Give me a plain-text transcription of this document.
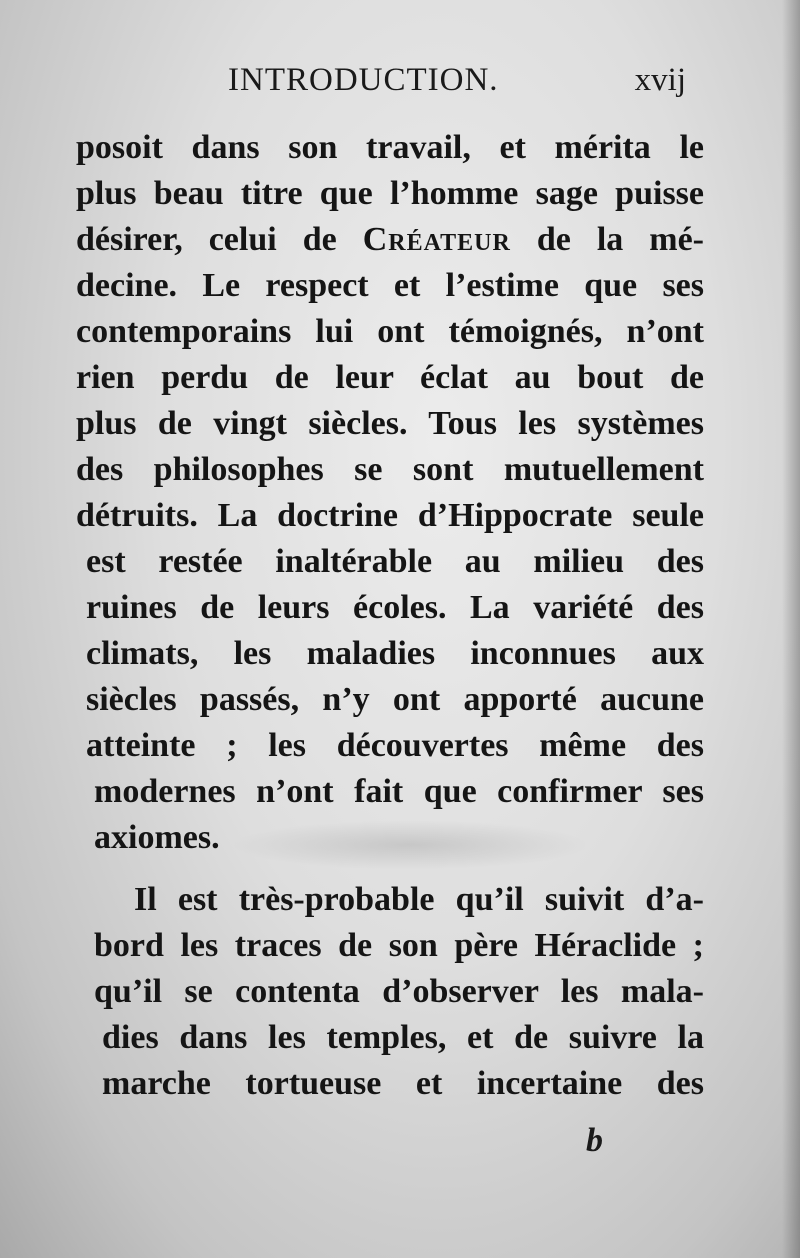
INTRODUCTION.	xvij
posoit dans son travail, et mérita le
plus beau titre que l’homme sage puisse
désirer, celui de Créateur de la mé-
decine. Le respect et l’estime que ses
contemporains lui ont témoignés, n’ont
rien perdu de leur éclat au bout de
plus de vingt siècles. Tous les systèmes
des philosophes se sont mutuellement
détruits. La doctrine d’Hippocrate seule
est restée inaltérable au milieu des
ruines de leurs écoles. La variété des
climats, les maladies inconnues aux
siècles passés, n’y ont apporté aucune
atteinte ; les découvertes même des
modernes n’ont fait que confirmer ses
axiomes.
Il est très-probable qu’il suivit d’a-
bord les traces de son père Héraclide ;
qu’il se contenta d’observer les mala-
dies dans les temples, et de suivre la
marche tortueuse et incertaine des
b
